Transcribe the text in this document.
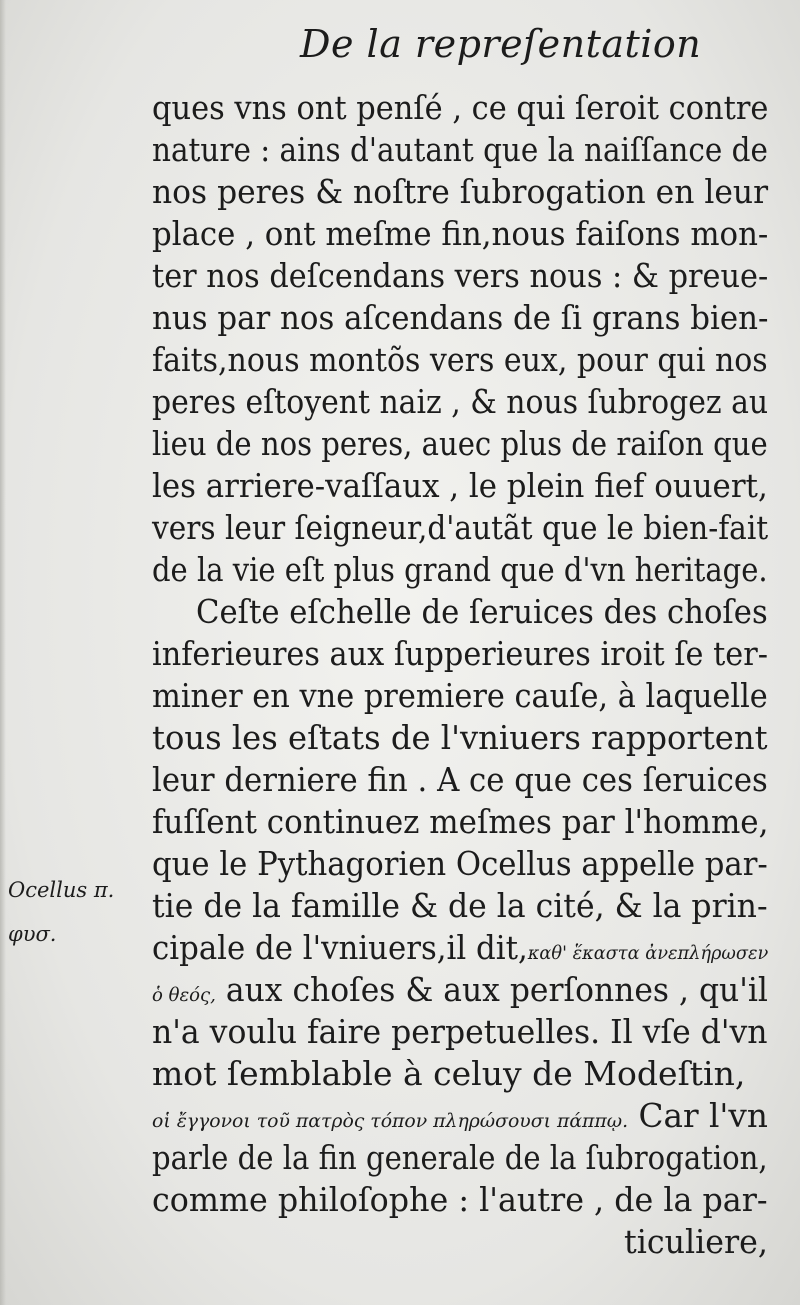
De la repreſentation
Ocellus π.
φυσ.
ques vns ont penſé , ce qui ſeroit contre
nature : ains d'autant que la naiſſance de
nos peres & noſtre ſubrogation en leur
place , ont meſme fin,nous faiſons mon-
ter nos deſcendans vers nous : & preue-
nus par nos aſcendans de ſi grans bien-
faits,nous montõs vers eux, pour qui nos
peres eſtoyent naiz , & nous ſubrogez au
lieu de nos peres, auec plus de raiſon que
les arriere-vaſſaux , le plein fief ouuert,
vers leur ſeigneur,d'autãt que le bien-fait
de la vie eſt plus grand que d'vn heritage.
Ceſte eſchelle de ſeruices des choſes
inferieures aux ſupperieures iroit ſe ter-
miner en vne premiere cauſe, à laquelle
tous les eſtats de l'vniuers rapportent
leur derniere fin . A ce que ces ſeruices
fuſſent continuez meſmes par l'homme,
que le Pythagorien Ocellus appelle par-
tie de la famille & de la cité, & la prin-
cipale de l'vniuers,il dit,καθ' ἕκαστα ἀνεπλήρωσεν
ὁ θεός, aux choſes & aux perſonnes , qu'il
n'a voulu faire perpetuelles. Il vſe d'vn
mot ſemblable à celuy de Modeſtin,
οἱ ἔγγονοι τοῦ πατρὸς τόπον πληρώσουσι πάππῳ. Car l'vn
parle de la fin generale de la ſubrogation,
comme philoſophe : l'autre , de la par-
ticuliere,
